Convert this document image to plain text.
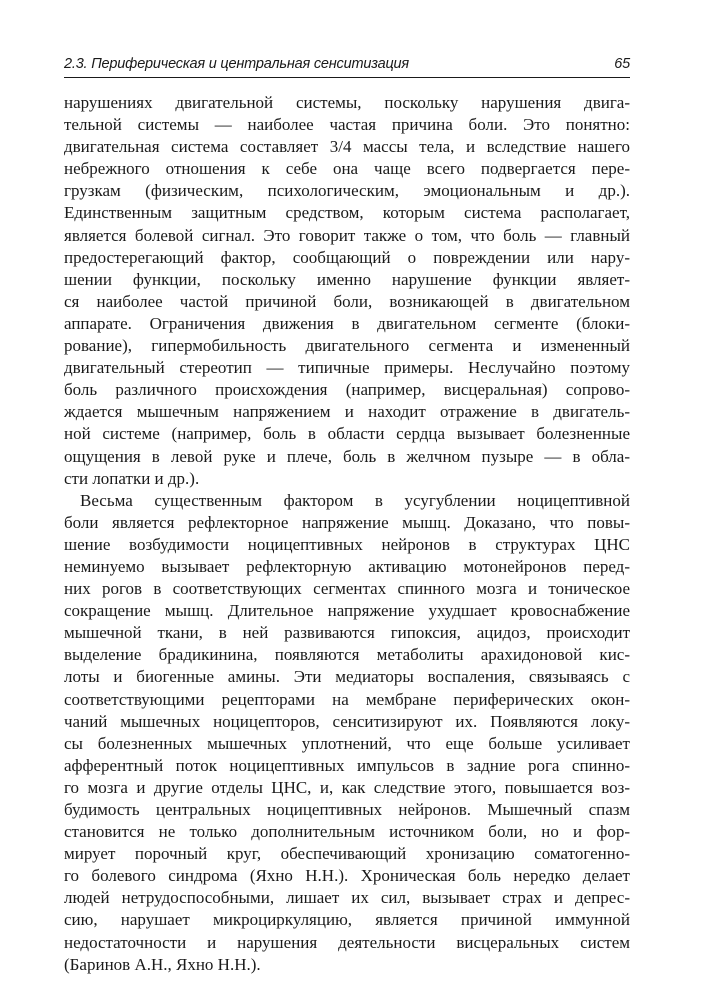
2.3. Периферическая и центральная сенситизация	65
нарушениях двигательной системы, поскольку нарушения двига-
тельной системы — наиболее частая причина боли. Это понятно:
двигательная система составляет 3/4 массы тела, и вследствие нашего
небрежного отношения к себе она чаще всего подвергается пере-
грузкам (физическим, психологическим, эмоциональным и др.).
Единственным защитным средством, которым система располагает,
является болевой сигнал. Это говорит также о том, что боль — главный
предостерегающий фактор, сообщающий о повреждении или нару-
шении функции, поскольку именно нарушение функции являет-
ся наиболее частой причиной боли, возникающей в двигательном
аппарате. Ограничения движения в двигательном сегменте (блоки-
рование), гипермобильность двигательного сегмента и измененный
двигательный стереотип — типичные примеры. Неслучайно поэтому
боль различного происхождения (например, висцеральная) сопрово-
ждается мышечным напряжением и находит отражение в двигатель-
ной системе (например, боль в области сердца вызывает болезненные
ощущения в левой руке и плече, боль в желчном пузыре — в обла-
сти лопатки и др.).
Весьма существенным фактором в усугублении ноцицептивной
боли является рефлекторное напряжение мышц. Доказано, что повы-
шение возбудимости ноцицептивных нейронов в структурах ЦНС
неминуемо вызывает рефлекторную активацию мотонейронов перед-
них рогов в соответствующих сегментах спинного мозга и тоническое
сокращение мышц. Длительное напряжение ухудшает кровоснабжение
мышечной ткани, в ней развиваются гипоксия, ацидоз, происходит
выделение брадикинина, появляются метаболиты арахидоновой кис-
лоты и биогенные амины. Эти медиаторы воспаления, связываясь с
соответствующими рецепторами на мембране периферических окон-
чаний мышечных ноцицепторов, сенситизируют их. Появляются локу-
сы болезненных мышечных уплотнений, что еще больше усиливает
афферентный поток ноцицептивных импульсов в задние рога спинно-
го мозга и другие отделы ЦНС, и, как следствие этого, повышается воз-
будимость центральных ноцицептивных нейронов. Мышечный спазм
становится не только дополнительным источником боли, но и фор-
мирует порочный круг, обеспечивающий хронизацию соматогенно-
го болевого синдрома (Яхно Н.Н.). Хроническая боль нередко делает
людей нетрудоспособными, лишает их сил, вызывает страх и депрес-
сию, нарушает микроциркуляцию, является причиной иммунной
недостаточности и нарушения деятельности висцеральных систем
(Баринов А.Н., Яхно Н.Н.).
